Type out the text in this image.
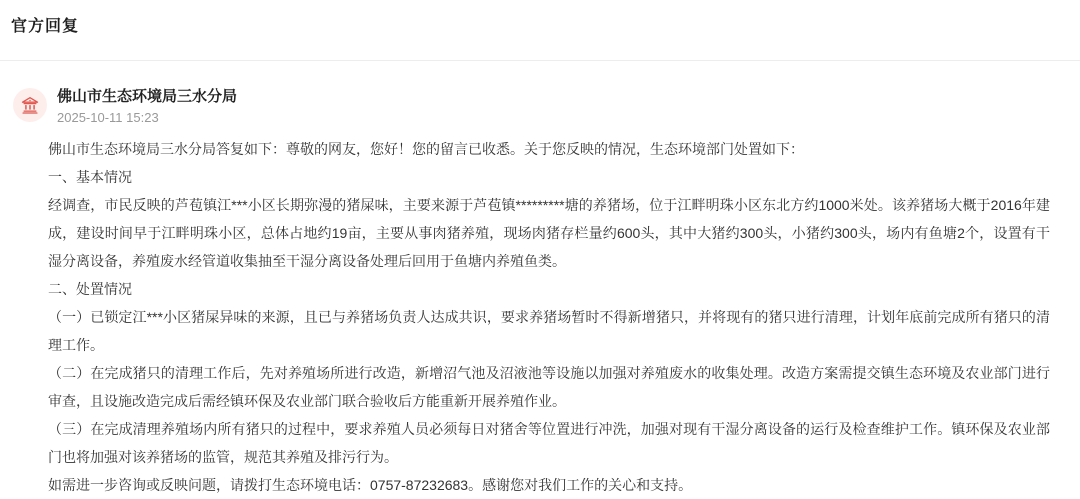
官方回复
佛山市生态环境局三水分局
2025-10-11 15:23

佛山市生态环境局三水分局答复如下：尊敬的网友，您好！您的留言已收悉。关于您反映的情况，生态环境部门处置如下：

一、基本情况

经调查，市民反映的芦苞镇江***小区长期弥漫的猪屎味，主要来源于芦苞镇*********塘的养猪场，位于江畔明珠小区东北方约1000米处。该养猪场大概于2016年建成，建设时间早于江畔明珠小区，总体占地约19亩，主要从事肉猪养殖，现场肉猪存栏量约600头，其中大猪约300头，小猪约300头，场内有鱼塘2个，设置有干湿分离设备，养殖废水经管道收集抽至干湿分离设备处理后回用于鱼塘内养殖鱼类。

二、处置情况

（一）已锁定江***小区猪屎异味的来源，且已与养猪场负责人达成共识，要求养猪场暂时不得新增猪只，并将现有的猪只进行清理，计划年底前完成所有猪只的清理工作。

（二）在完成猪只的清理工作后，先对养殖场所进行改造，新增沼气池及沼液池等设施以加强对养殖废水的收集处理。改造方案需提交镇生态环境及农业部门进行审查，且设施改造完成后需经镇环保及农业部门联合验收后方能重新开展养殖作业。

（三）在完成清理养殖场内所有猪只的过程中，要求养殖人员必须每日对猪舍等位置进行冲洗，加强对现有干湿分离设备的运行及检查维护工作。镇环保及农业部门也将加强对该养猪场的监管，规范其养殖及排污行为。

如需进一步咨询或反映问题，请拨打生态环境电话：0757-87232683。感谢您对我们工作的关心和支持。
